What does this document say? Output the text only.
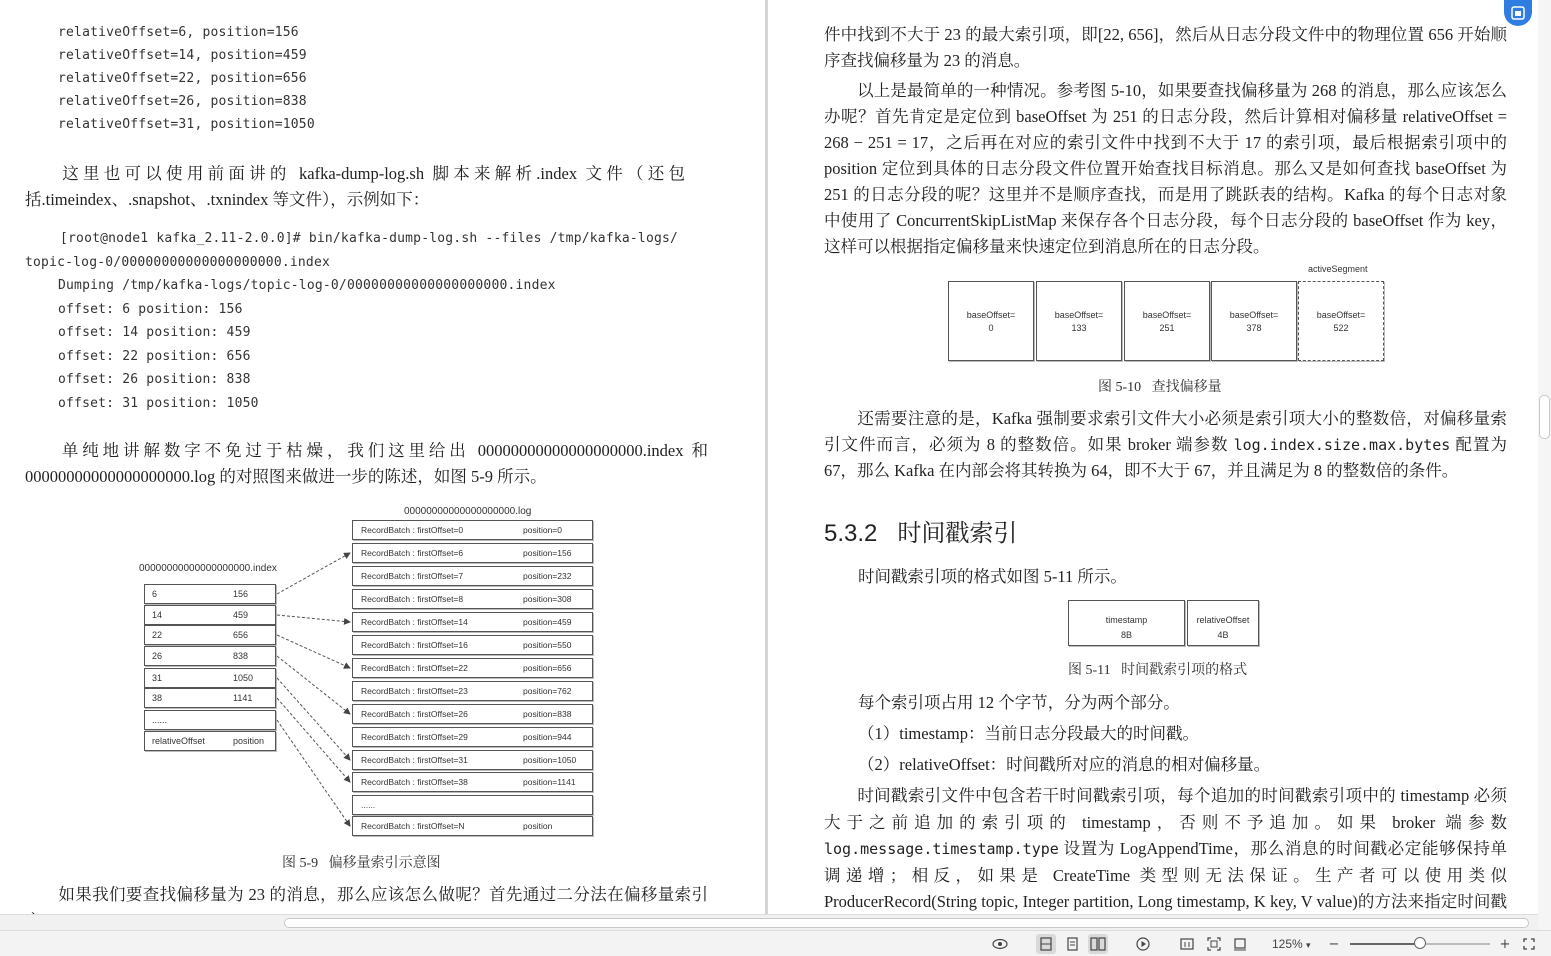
relativeOffset=6, position=156
relativeOffset=14, position=459
relativeOffset=22, position=656
relativeOffset=26, position=838
relativeOffset=31, position=1050
这里也可以使用前面讲的 kafka-dump-log.sh 脚本来解析.index 文件（还包括.timeindex、.snapshot、.txnindex 等文件），示例如下：
[root@node1 kafka_2.11-2.0.0]# bin/kafka-dump-log.sh --files /tmp/kafka-logs/
topic-log-0/00000000000000000000.index
Dumping /tmp/kafka-logs/topic-log-0/00000000000000000000.index
offset: 6 position: 156
offset: 14 position: 459
offset: 22 position: 656
offset: 26 position: 838
offset: 31 position: 1050
单纯地讲解数字不免过于枯燥，我们这里给出 00000000000000000000.index 和 00000000000000000000.log 的对照图来做进一步的陈述，如图 5-9 所示。
00000000000000000000.index
00000000000000000000.log
6	156
14	459
22	656
26	838
31	1050
38	1141
......
relativeOffset	position
RecordBatch : firstOffset=0	position=0
RecordBatch : firstOffset=6	position=156
RecordBatch : firstOffset=7	position=232
RecordBatch : firstOffset=8	position=308
RecordBatch : firstOffset=14	position=459
RecordBatch : firstOffset=16	position=550
RecordBatch : firstOffset=22	position=656
RecordBatch : firstOffset=23	position=762
RecordBatch : firstOffset=26	position=838
RecordBatch : firstOffset=29	position=944
RecordBatch : firstOffset=31	position=1050
RecordBatch : firstOffset=38	position=1141
......
RecordBatch : firstOffset=N	position
图 5-9   偏移量索引示意图
如果我们要查找偏移量为 23 的消息，那么应该怎么做呢？首先通过二分法在偏移量索引
件中找到不大于 23 的最大索引项，即[22, 656]，然后从日志分段文件中的物理位置 656 开始顺序查找偏移量为 23 的消息。
以上是最简单的一种情况。参考图 5-10，如果要查找偏移量为 268 的消息，那么应该怎么办呢？首先肯定是定位到 baseOffset 为 251 的日志分段，然后计算相对偏移量 relativeOffset = 268 − 251 = 17，之后再在对应的索引文件中找到不大于 17 的索引项，最后根据索引项中的 position 定位到具体的日志分段文件位置开始查找目标消息。那么又是如何查找 baseOffset 为 251 的日志分段的呢？这里并不是顺序查找，而是用了跳跃表的结构。Kafka 的每个日志对象中使用了 ConcurrentSkipListMap 来保存各个日志分段，每个日志分段的 baseOffset 作为 key，这样可以根据指定偏移量来快速定位到消息所在的日志分段。
activeSegment
baseOffset=
0
baseOffset=
133
baseOffset=
251
baseOffset=
378
baseOffset=
522
图 5-10   查找偏移量
还需要注意的是，Kafka 强制要求索引文件大小必须是索引项大小的整数倍，对偏移量索引文件而言，必须为 8 的整数倍。如果 broker 端参数 log.index.size.max.bytes 配置为 67，那么 Kafka 在内部会将其转换为 64，即不大于 67，并且满足为 8 的整数倍的条件。
5.3.2   时间戳索引
时间戳索引项的格式如图 5-11 所示。
timestamp
8B
relativeOffset
4B
图 5-11   时间戳索引项的格式
每个索引项占用 12 个字节，分为两个部分。
（1）timestamp：当前日志分段最大的时间戳。
（2）relativeOffset：时间戳所对应的消息的相对偏移量。
时间戳索引文件中包含若干时间戳索引项，每个追加的时间戳索引项中的 timestamp 必须大于之前追加的索引项的 timestamp，否则不予追加。如果 broker 端参数 log.message.timestamp.type 设置为 LogAppendTime，那么消息的时间戳必定能够保持单调递增；相反，如果是 CreateTime 类型则无法保证。生产者可以使用类似 ProducerRecord(String topic, Integer partition, Long timestamp, K key, V value)的方法来指定时间戳
125% ▾	−	+
